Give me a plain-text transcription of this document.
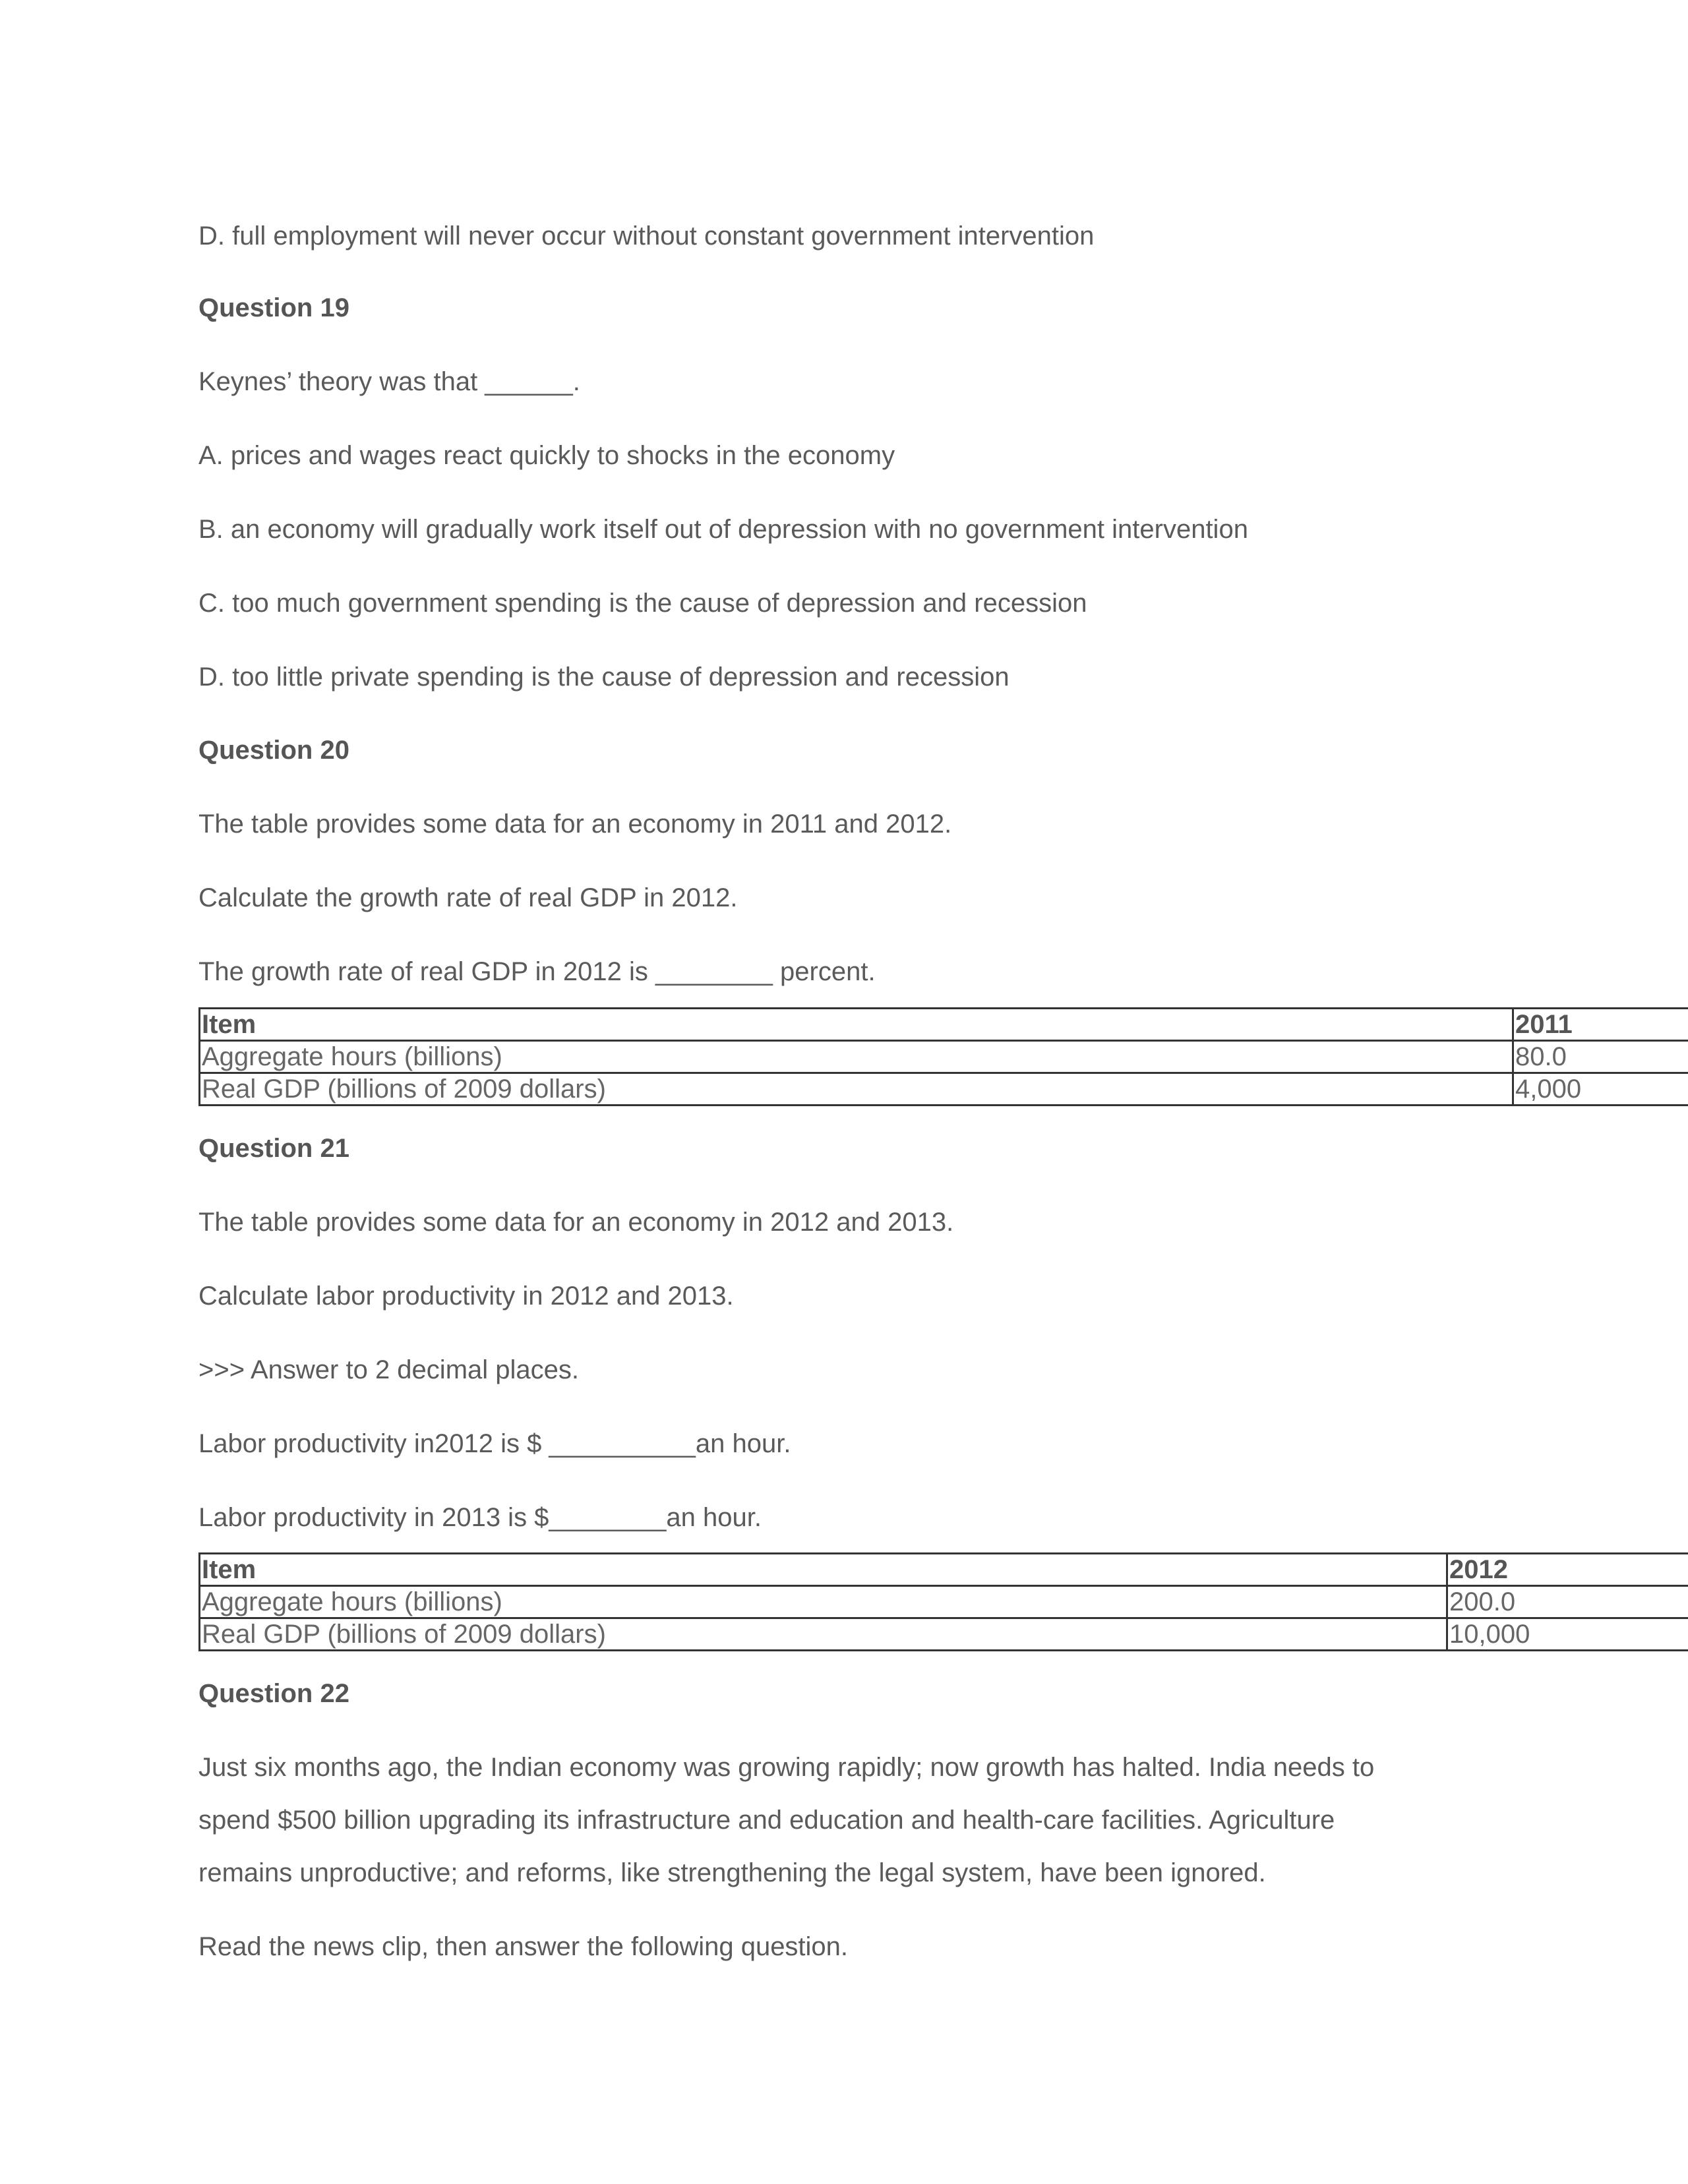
D. full employment will never occur without constant government intervention

Question 19

Keynes’ theory was that ______.

A. prices and wages react quickly to shocks in the economy

B. an economy will gradually work itself out of depression with no government intervention

C. too much government spending is the cause of depression and recession

D. too little private spending is the cause of depression and recession

Question 20

The table provides some data for an economy in 2011 and 2012.

Calculate the growth rate of real GDP in 2012.

The growth rate of real GDP in 2012 is ________ percent.

Item	2011
Aggregate hours (billions)	80.0
Real GDP (billions of 2009 dollars)	4,000

Question 21

The table provides some data for an economy in 2012 and 2013.

Calculate labor productivity in 2012 and 2013.

>>> Answer to 2 decimal places.

Labor productivity in2012 is $ __________an hour.

Labor productivity in 2013 is $________an hour.

Item	2012
Aggregate hours (billions)	200.0
Real GDP (billions of 2009 dollars)	10,000

Question 22

Just six months ago, the Indian economy was growing rapidly; now growth has halted. India needs to

spend $500 billion upgrading its infrastructure and education and health-care facilities. Agriculture

remains unproductive; and reforms, like strengthening the legal system, have been ignored.

Read the news clip, then answer the following question.
